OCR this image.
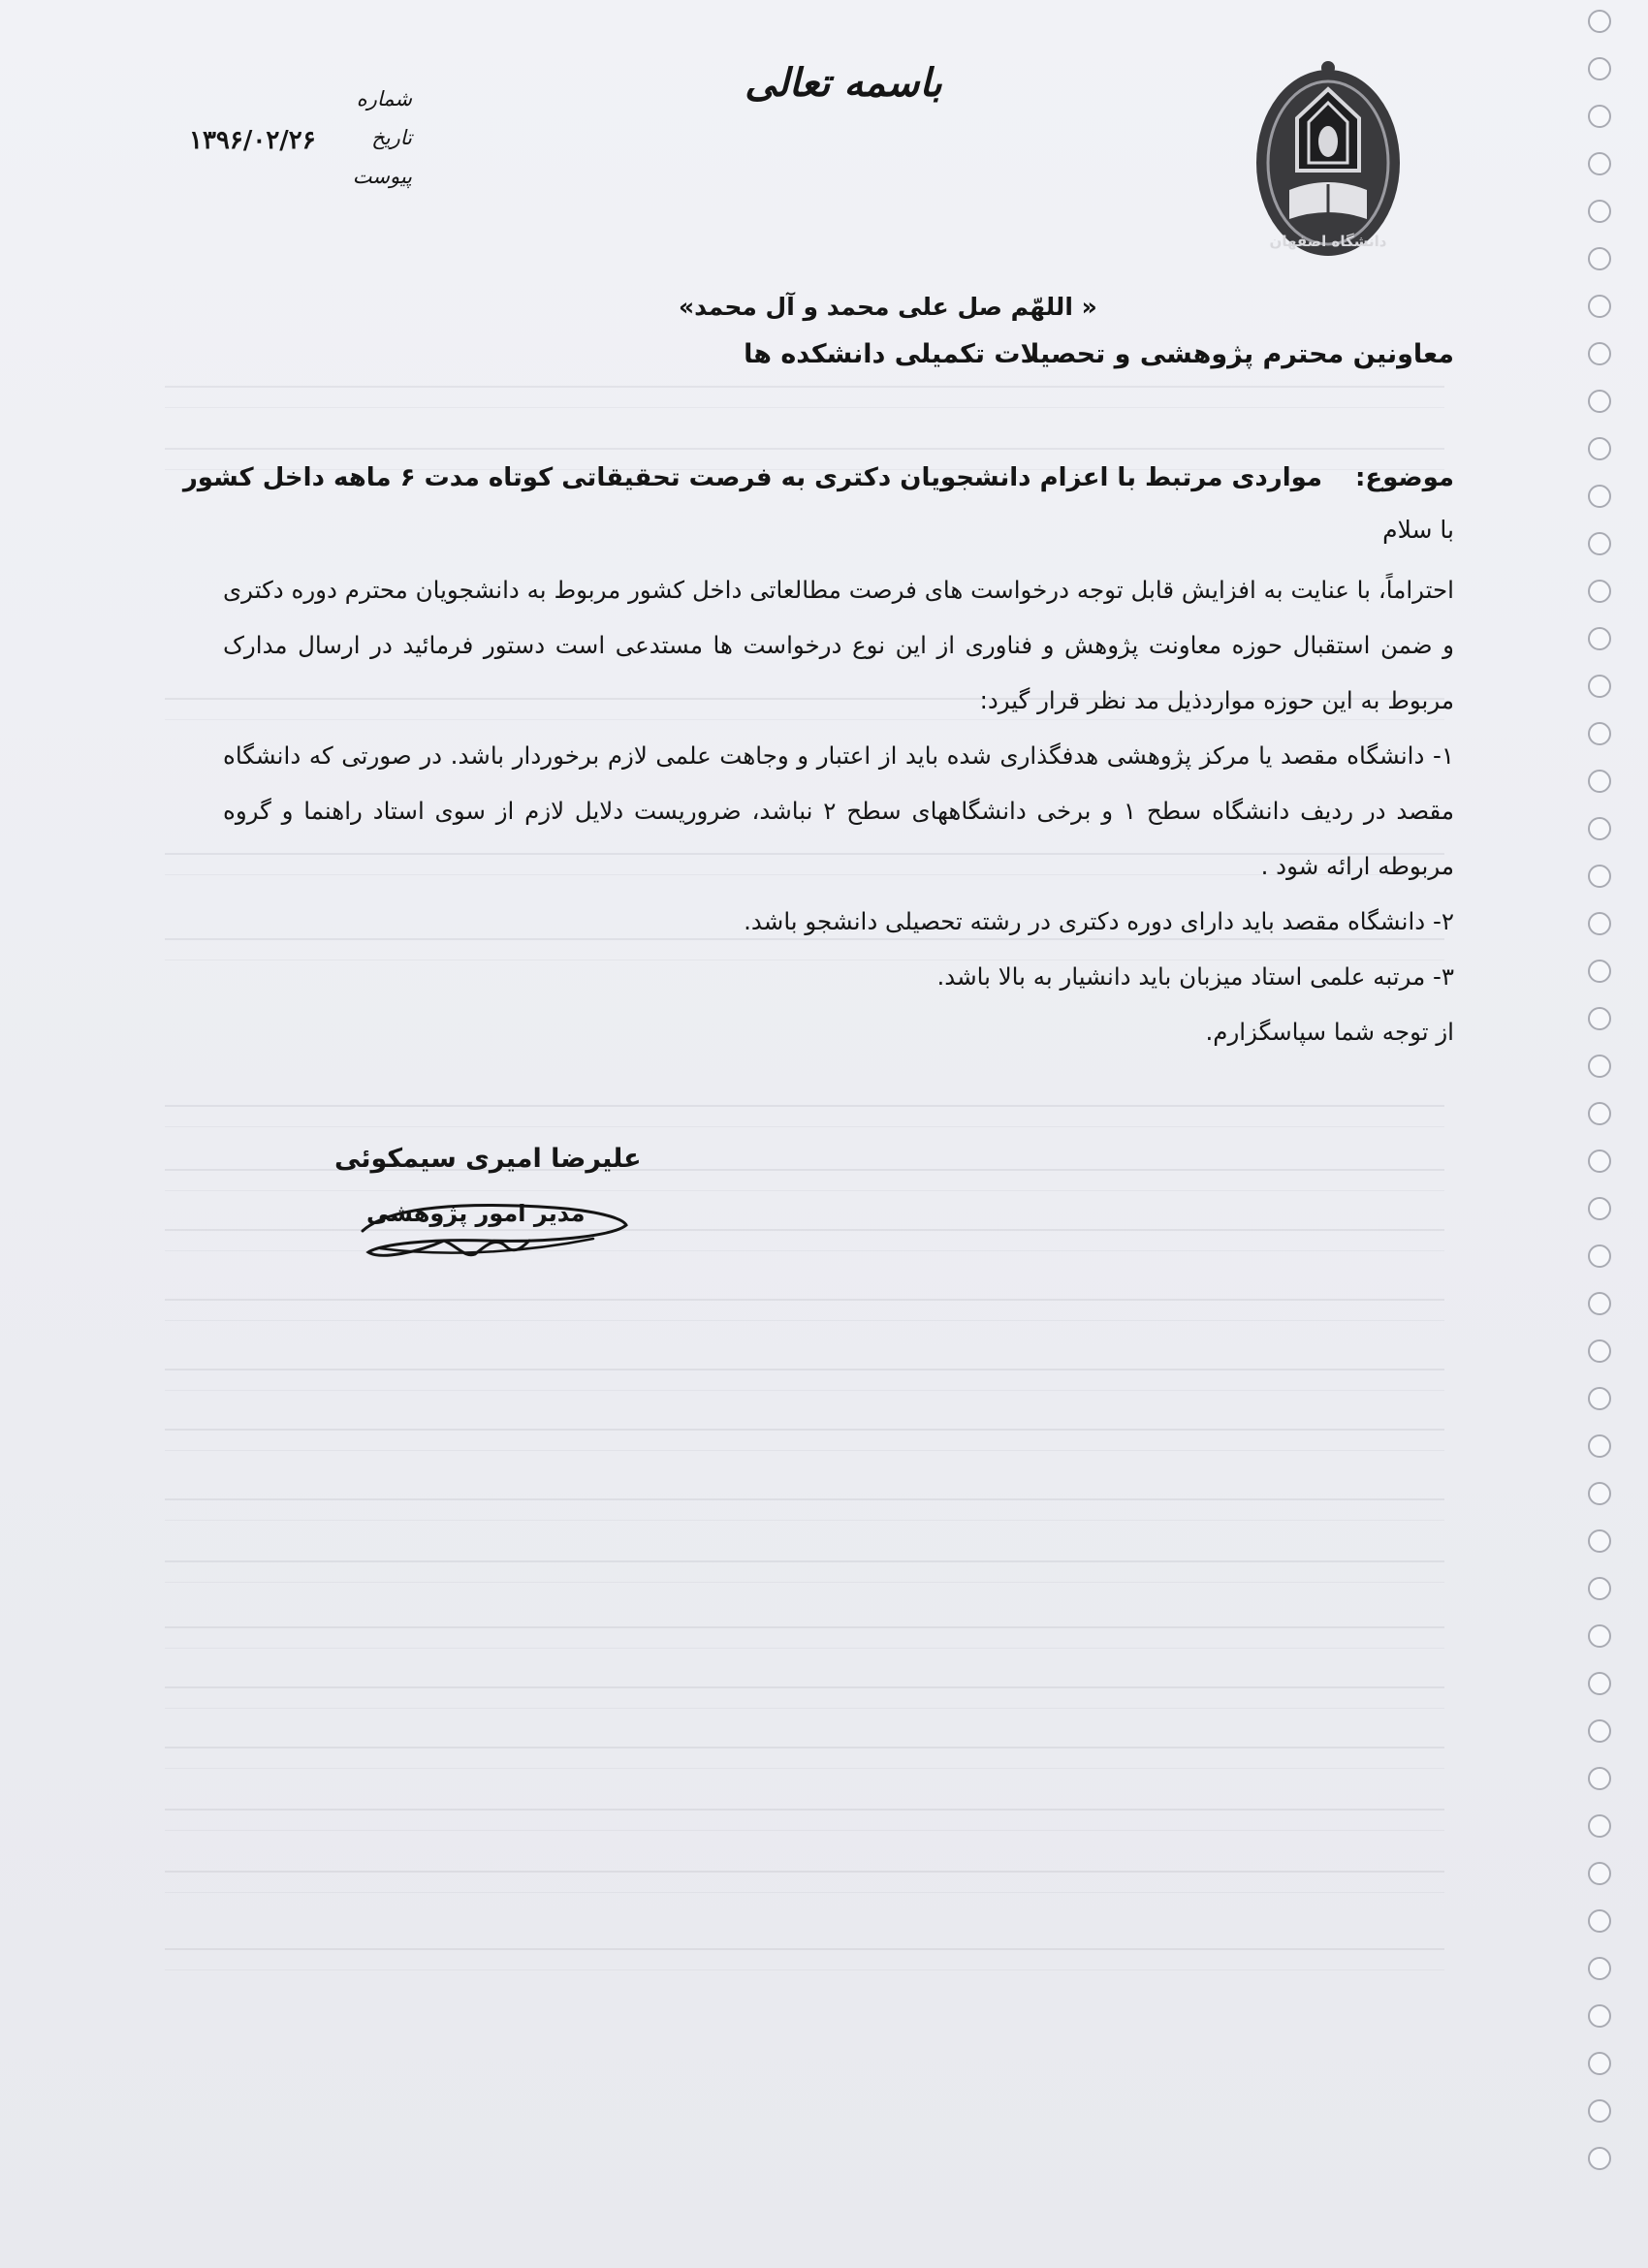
باسمه تعالی
شماره
تاریخ
۱۳۹۶/۰۲/۲۶
پیوست
دانشگاه اصفهان
« اللهّم صل علی محمد و آل محمد»
معاونین محترم پژوهشی و تحصیلات تکمیلی دانشکده ها
موضوع:مواردی مرتبط با اعزام دانشجویان دکتری به فرصت تحقیقاتی کوتاه مدت ۶ ماهه داخل کشور
با سلام

احتراماً، با عنایت به افزایش قابل توجه درخواست های فرصت مطالعاتی داخل کشور مربوط به دانشجویان محترم دوره دکتری و ضمن استقبال حوزه معاونت پژوهش و فناوری از این نوع درخواست ها مستدعی است دستور فرمائید در ارسال مدارک مربوط به این حوزه مواردذیل مد نظر قرار گیرد:

۱- دانشگاه مقصد یا مرکز پژوهشی هدفگذاری شده باید از اعتبار و وجاهت علمی لازم برخوردار باشد. در صورتی که دانشگاه مقصد در ردیف دانشگاه سطح ۱ و برخی دانشگاههای سطح ۲ نباشد، ضروریست دلایل لازم از سوی استاد راهنما و گروه مربوطه ارائه شود .

۲- دانشگاه مقصد باید دارای دوره دکتری در رشته تحصیلی دانشجو باشد.

۳- مرتبه علمی استاد میزبان باید دانشیار به بالا باشد.

از توجه شما سپاسگزارم.

علیرضا امیری سیمکوئی
مدیر امور پژوهشی
